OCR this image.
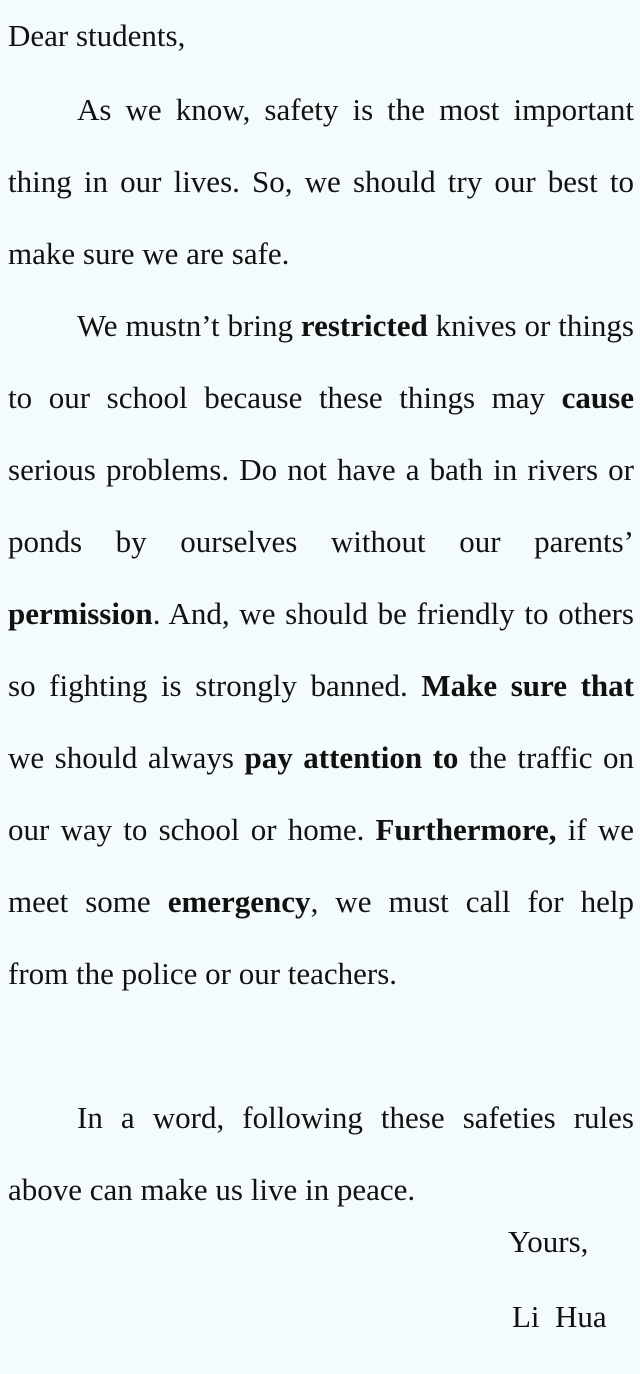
Dear students,

As we know, safety is the most important thing in our lives. So, we should try our best to make sure we are safe.

We mustn’t bring restricted knives or things to our school because these things may cause serious problems. Do not have a bath in rivers or ponds by ourselves without our parents’ permission. And, we should be friendly to others so fighting is strongly banned. Make sure that we should always pay attention to the traffic on our way to school or home. Furthermore, if we meet some emergency, we must call for help from the police or our teachers.

In a word, following these safeties rules above can make us live in peace.

Yours,

Li  Hua
